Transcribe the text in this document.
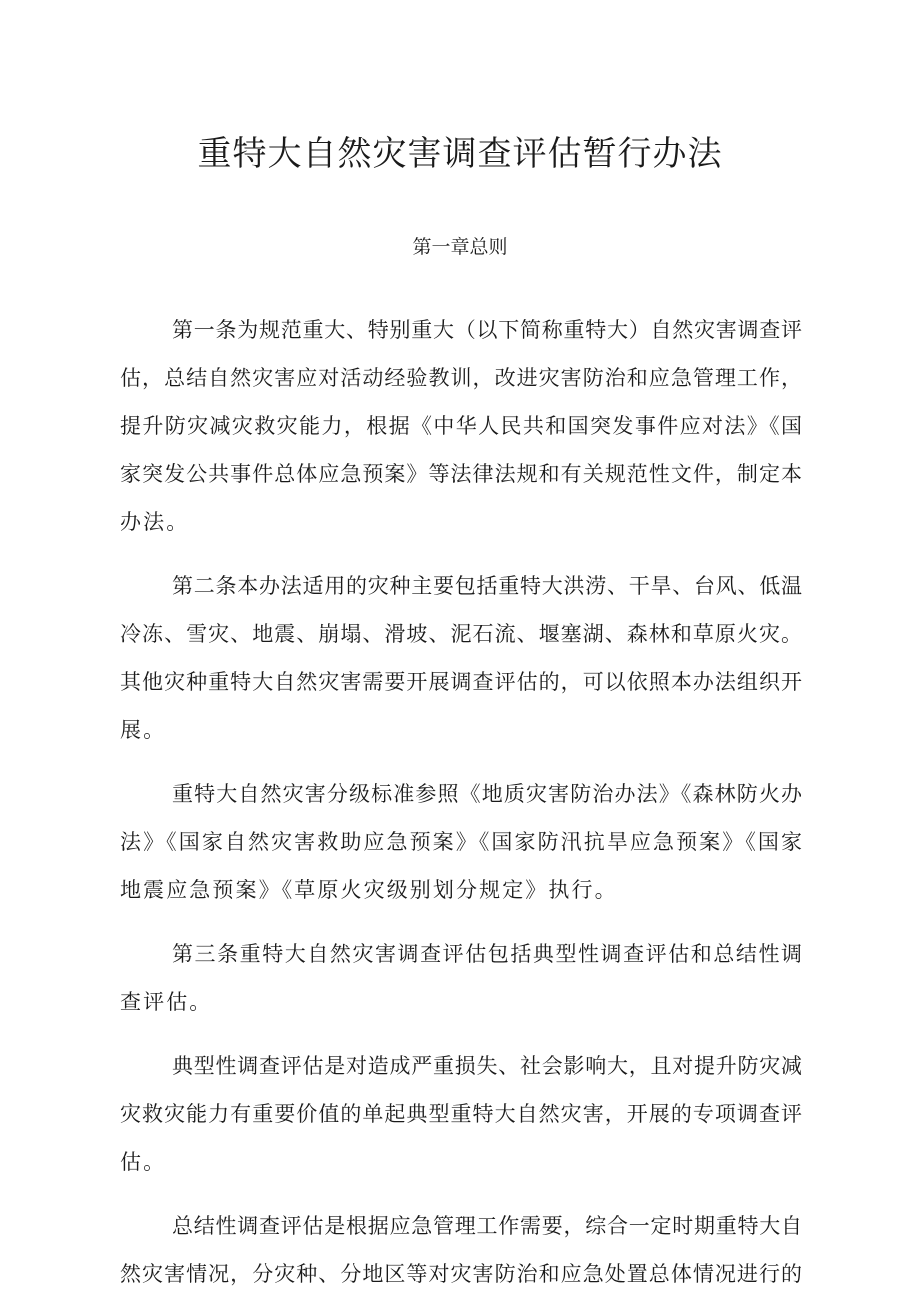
重特大自然灾害调查评估暂行办法
第一章总则
第一条为规范重大、特别重大（以下简称重特大）自然灾害调查评
估，总结自然灾害应对活动经验教训，改进灾害防治和应急管理工作，
提升防灾减灾救灾能力，根据《中华人民共和国突发事件应对法》《国
家突发公共事件总体应急预案》等法律法规和有关规范性文件，制定本
办法。
第二条本办法适用的灾种主要包括重特大洪涝、干旱、台风、低温
冷冻、雪灾、地震、崩塌、滑坡、泥石流、堰塞湖、森林和草原火灾。
其他灾种重特大自然灾害需要开展调查评估的，可以依照本办法组织开
展。
重特大自然灾害分级标准参照《地质灾害防治办法》《森林防火办
法》《国家自然灾害救助应急预案》《国家防汛抗旱应急预案》《国家
地震应急预案》《草原火灾级别划分规定》执行。
第三条重特大自然灾害调查评估包括典型性调查评估和总结性调
查评估。
典型性调查评估是对造成严重损失、社会影响大，且对提升防灾减
灾救灾能力有重要价值的单起典型重特大自然灾害，开展的专项调查评
估。
总结性调查评估是根据应急管理工作需要，综合一定时期重特大自
然灾害情况，分灾种、分地区等对灾害防治和应急处置总体情况进行的
